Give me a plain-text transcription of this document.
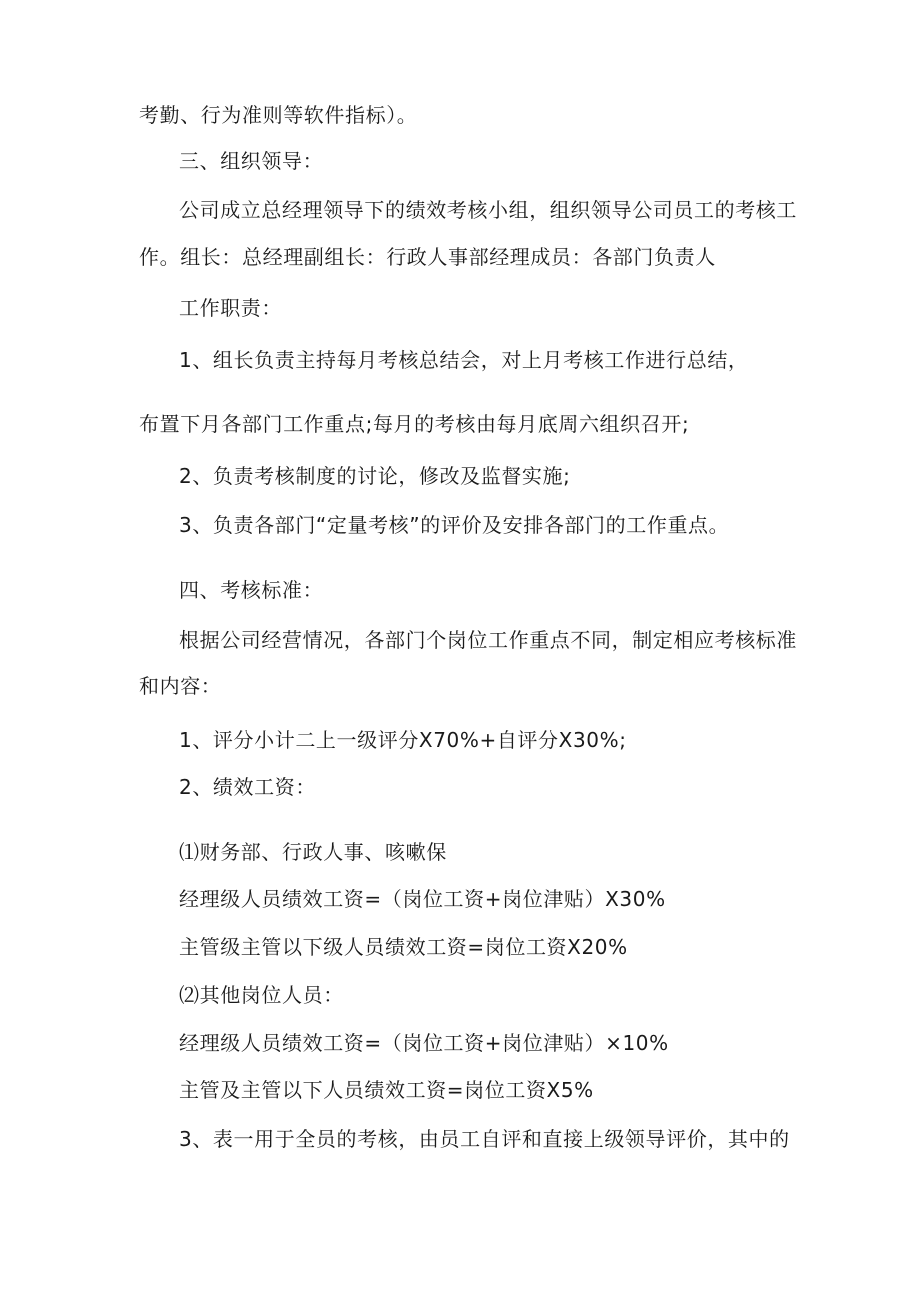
考勤、行为准则等软件指标）。
三、组织领导：
公司成立总经理领导下的绩效考核小组，组织领导公司员工的考核工
作。组长：总经理副组长：行政人事部经理成员：各部门负责人
工作职责：
1、组长负责主持每月考核总结会，对上月考核工作进行总结，
布置下月各部门工作重点;每月的考核由每月底周六组织召开;
2、负责考核制度的讨论，修改及监督实施;
3、负责各部门“定量考核”的评价及安排各部门的工作重点。
四、考核标准：
根据公司经营情况，各部门个岗位工作重点不同，制定相应考核标准
和内容：
1、评分小计二上一级评分X70%+自评分X30%;
2、绩效工资：
⑴财务部、行政人事、咳嗽保
经理级人员绩效工资=（岗位工资+岗位津贴）X30%
主管级主管以下级人员绩效工资=岗位工资X20%
⑵其他岗位人员：
经理级人员绩效工资=（岗位工资+岗位津贴）×10%
主管及主管以下人员绩效工资=岗位工资X5%
3、表一用于全员的考核，由员工自评和直接上级领导评价，其中的
